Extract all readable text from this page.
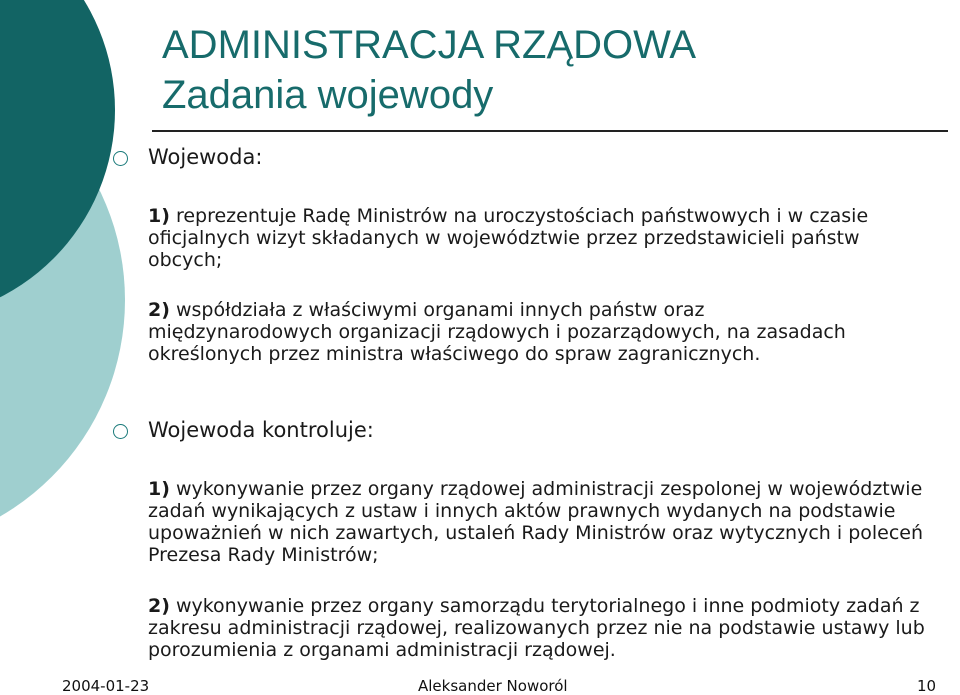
ADMINISTRACJA RZĄDOWA
Zadania wojewody

Wojewoda:

1) reprezentuje Radę Ministrów na uroczystościach państwowych i w czasie oficjalnych wizyt składanych w województwie przez przedstawicieli państw obcych;

2) współdziała z właściwymi organami innych państw oraz międzynarodowych organizacji rządowych i pozarządowych, na zasadach określonych przez ministra właściwego do spraw zagranicznych.

Wojewoda kontroluje:

1) wykonywanie przez organy rządowej administracji zespolonej w województwie zadań wynikających z ustaw i innych aktów prawnych wydanych na podstawie upoważnień w nich zawartych, ustaleń Rady Ministrów oraz wytycznych i poleceń Prezesa Rady Ministrów;

2) wykonywanie przez organy samorządu terytorialnego i inne podmioty zadań z zakresu administracji rządowej, realizowanych przez nie na podstawie ustawy lub porozumienia z organami administracji rządowej.

2004-01-23	Aleksander Noworól	10
